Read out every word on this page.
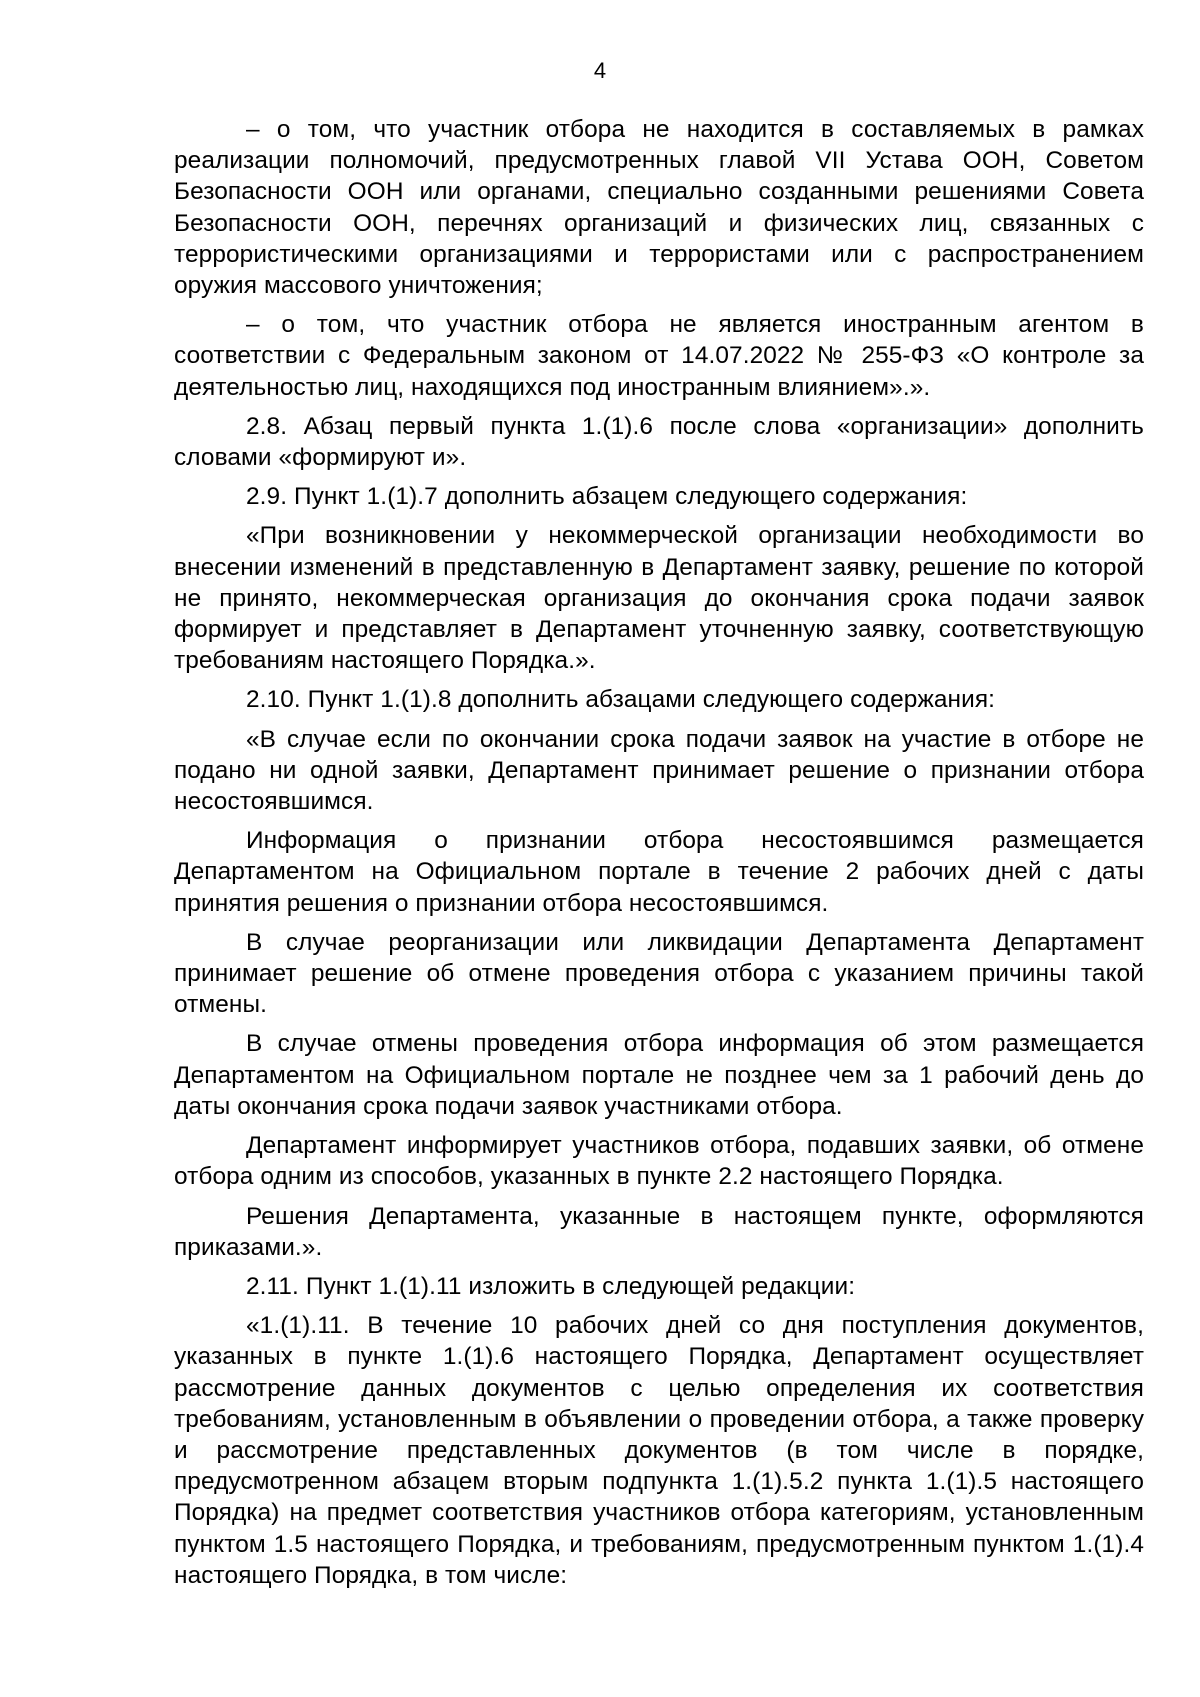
4

– о том, что участник отбора не находится в составляемых в рамках реализации полномочий, предусмотренных главой VII Устава ООН, Советом Безопасности ООН или органами, специально созданными решениями Совета Безопасности ООН, перечнях организаций и физических лиц, связанных с террористическими организациями и террористами или с распространением оружия массового уничтожения;

– о том, что участник отбора не является иностранным агентом в соответствии с Федеральным законом от 14.07.2022 № 255-ФЗ «О контроле за деятельностью лиц, находящихся под иностранным влиянием».».

2.8. Абзац первый пункта 1.(1).6 после слова «организации» дополнить словами «формируют и».

2.9. Пункт 1.(1).7 дополнить абзацем следующего содержания:

«При возникновении у некоммерческой организации необходимости во внесении изменений в представленную в Департамент заявку, решение по которой не принято, некоммерческая организация до окончания срока подачи заявок формирует и представляет в Департамент уточненную заявку, соответствующую требованиям настоящего Порядка.».

2.10. Пункт 1.(1).8 дополнить абзацами следующего содержания:

«В случае если по окончании срока подачи заявок на участие в отборе не подано ни одной заявки, Департамент принимает решение о признании отбора несостоявшимся.

Информация о признании отбора несостоявшимся размещается Департаментом на Официальном портале в течение 2 рабочих дней с даты принятия решения о признании отбора несостоявшимся.

В случае реорганизации или ликвидации Департамента Департамент принимает решение об отмене проведения отбора с указанием причины такой отмены.

В случае отмены проведения отбора информация об этом размещается Департаментом на Официальном портале не позднее чем за 1 рабочий день до даты окончания срока подачи заявок участниками отбора.

Департамент информирует участников отбора, подавших заявки, об отмене отбора одним из способов, указанных в пункте 2.2 настоящего Порядка.

Решения Департамента, указанные в настоящем пункте, оформляются приказами.».

2.11. Пункт 1.(1).11 изложить в следующей редакции:

«1.(1).11. В течение 10 рабочих дней со дня поступления документов, указанных в пункте 1.(1).6 настоящего Порядка, Департамент осуществляет рассмотрение данных документов с целью определения их соответствия требованиям, установленным в объявлении о проведении отбора, а также проверку и рассмотрение представленных документов (в том числе в порядке, предусмотренном абзацем вторым подпункта 1.(1).5.2 пункта 1.(1).5 настоящего Порядка) на предмет соответствия участников отбора категориям, установленным пунктом 1.5 настоящего Порядка, и требованиям, предусмотренным пунктом 1.(1).4 настоящего Порядка, в том числе:
